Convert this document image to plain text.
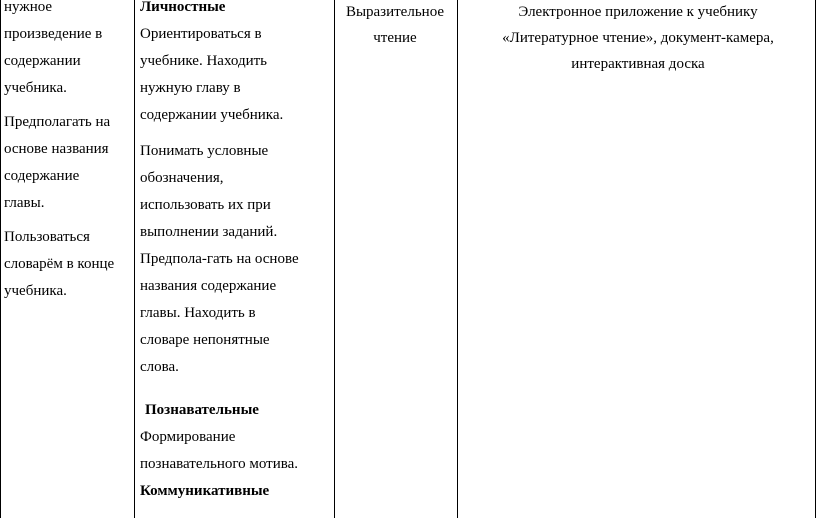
нужное
произведение в
содержании
учебника.

Предполагать на
основе названия
содержание
главы.

Пользоваться
словарём в конце
учебника.

Личностные

Ориентироваться в
учебнике. Находить
нужную главу в
содержании учебника.

Понимать условные
обозначения,
использовать их при
выполнении заданий.
Предпола-гать на основе
названия содержание
главы. Находить в
словаре непонятные
слова.

Познавательные

Формирование
познавательного мотива.

Коммуникативные

Выразительное
чтение

Электронное приложение к учебнику
«Литературное чтение», документ-камера,
интерактивная доска
